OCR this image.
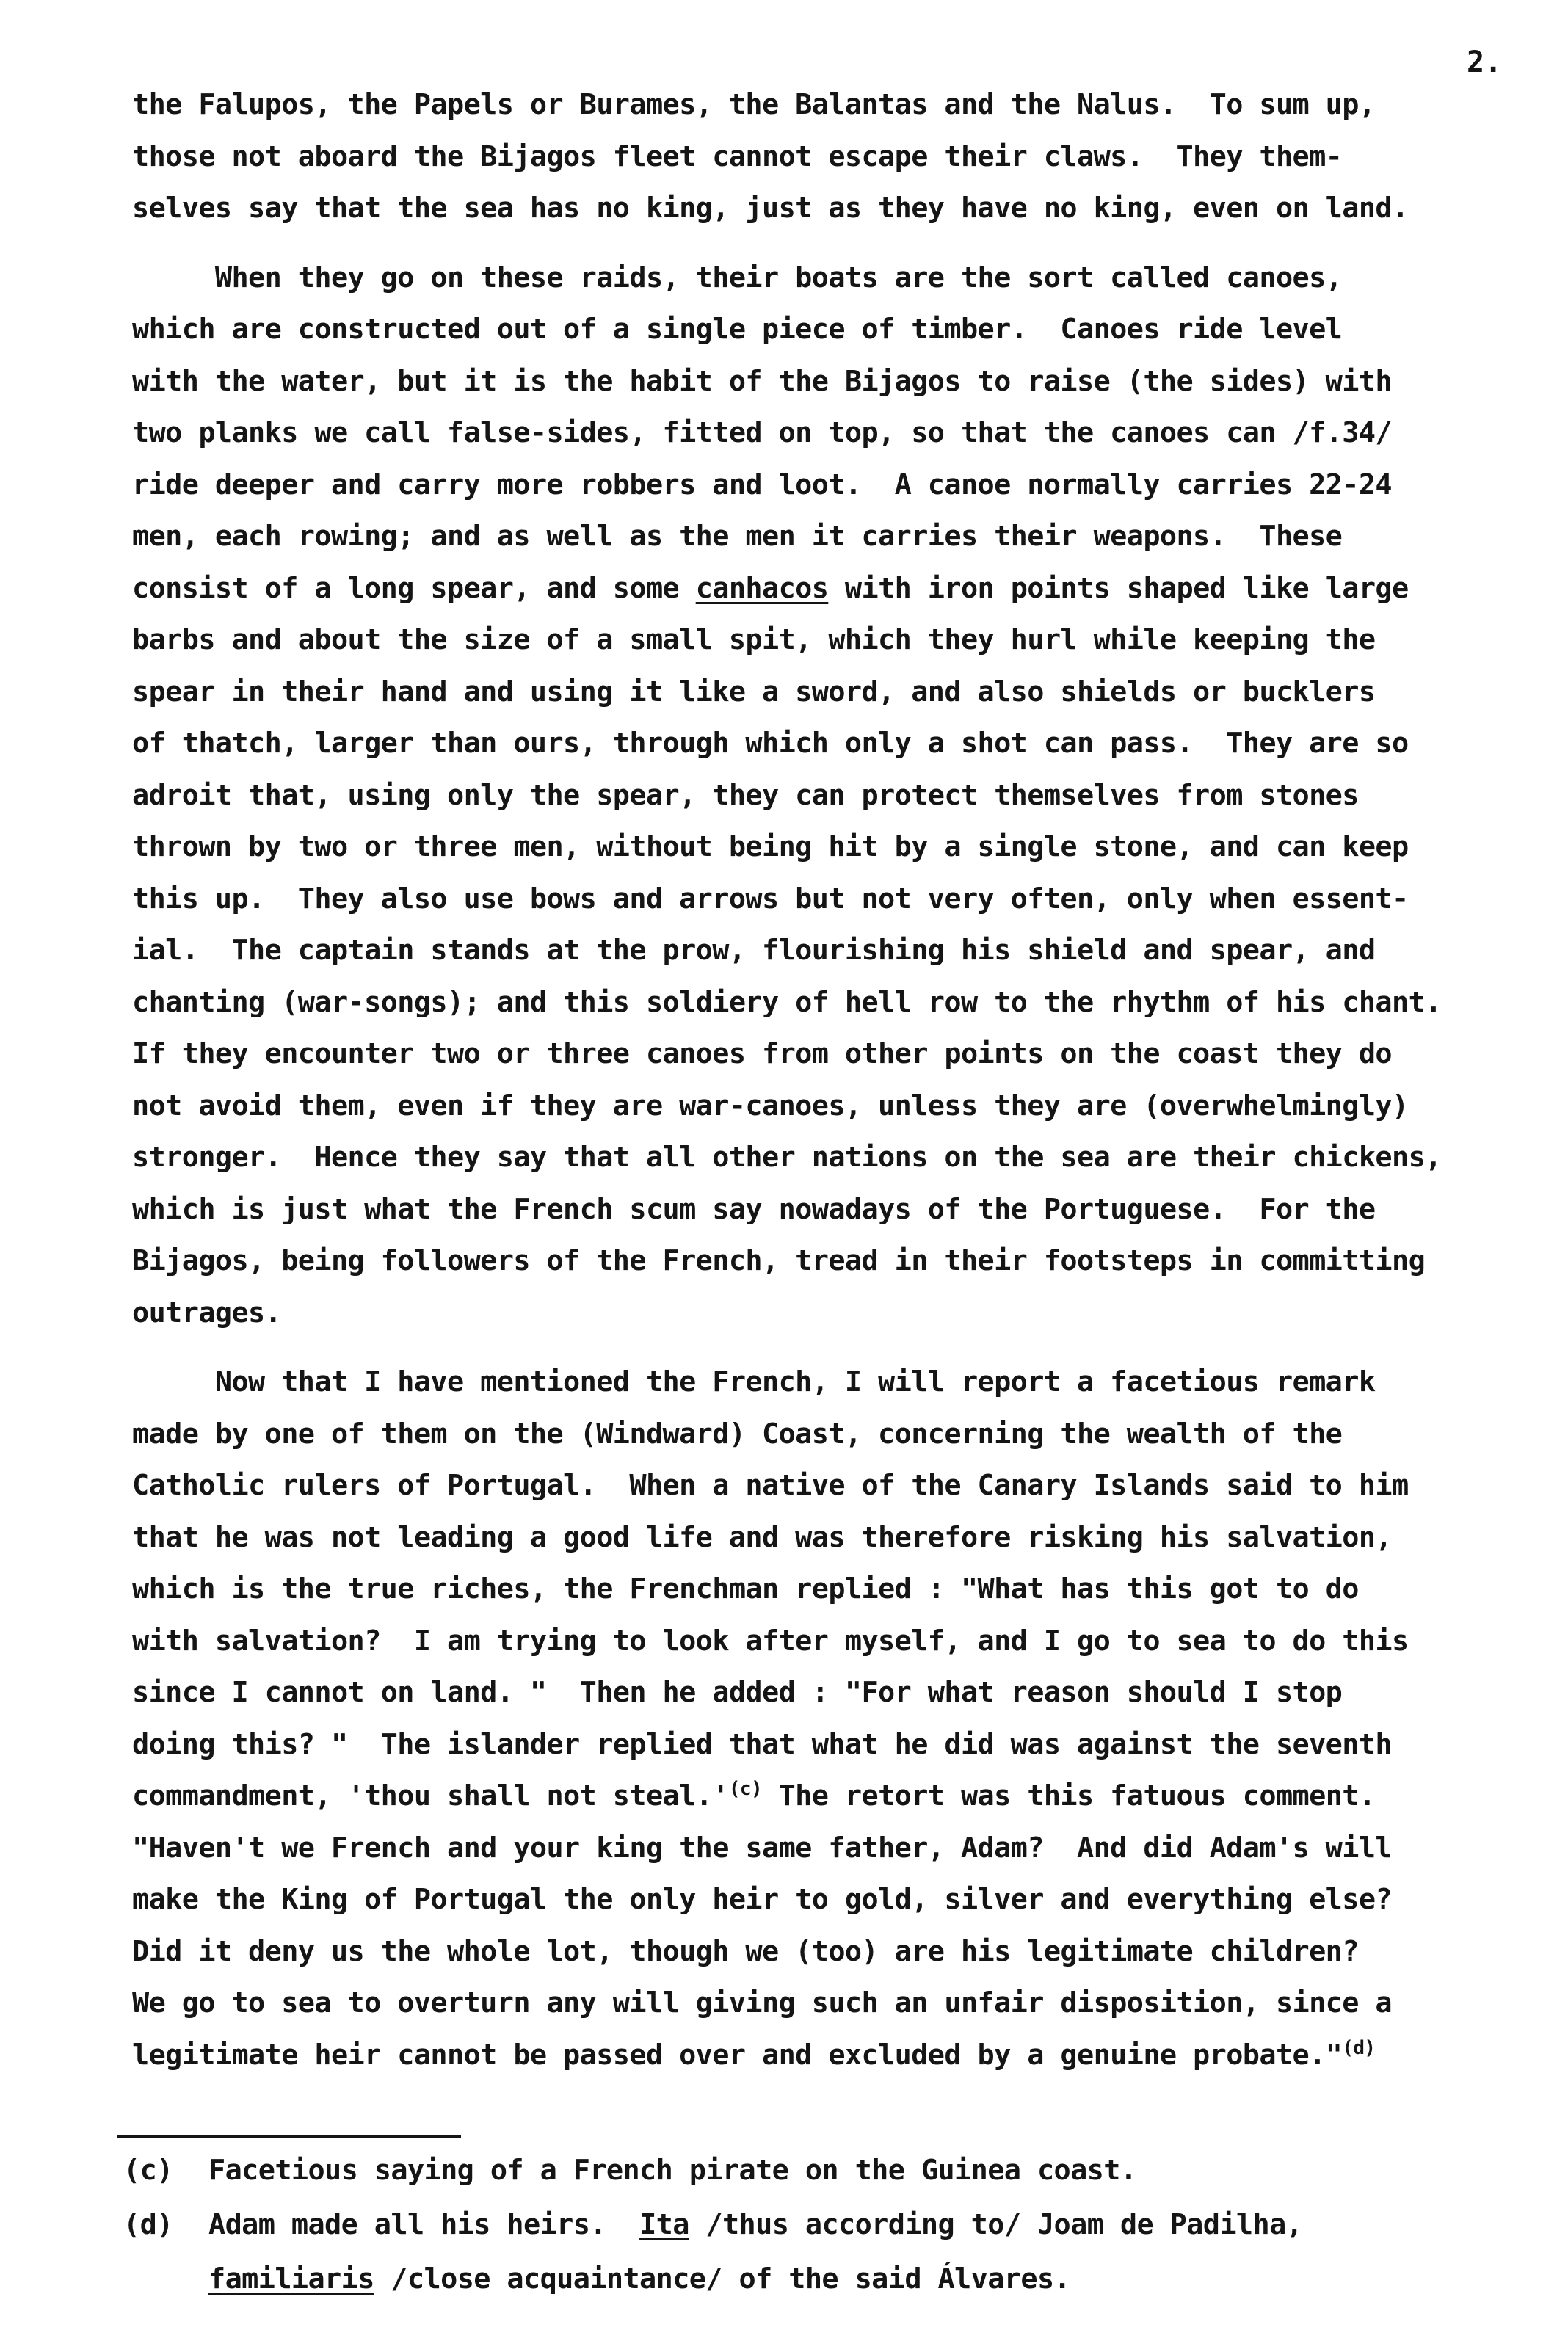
2.
the Falupos, the Papels or Burames, the Balantas and the Nalus.  To sum up,
those not aboard the Bijagos fleet cannot escape their claws.  They them-
selves say that the sea has no king, just as they have no king, even on land.
When they go on these raids, their boats are the sort called canoes,
which are constructed out of a single piece of timber.  Canoes ride level
with the water, but it is the habit of the Bijagos to raise (the sides) with
two planks we call false-sides, fitted on top, so that the canoes can /f.34/
ride deeper and carry more robbers and loot.  A canoe normally carries 22-24
men, each rowing; and as well as the men it carries their weapons.  These
consist of a long spear, and some canhacos with iron points shaped like large
barbs and about the size of a small spit, which they hurl while keeping the
spear in their hand and using it like a sword, and also shields or bucklers
of thatch, larger than ours, through which only a shot can pass.  They are so
adroit that, using only the spear, they can protect themselves from stones
thrown by two or three men, without being hit by a single stone, and can keep
this up.  They also use bows and arrows but not very often, only when essent-
ial.  The captain stands at the prow, flourishing his shield and spear, and
chanting (war-songs); and this soldiery of hell row to the rhythm of his chant.
If they encounter two or three canoes from other points on the coast they do
not avoid them, even if they are war-canoes, unless they are (overwhelmingly)
stronger.  Hence they say that all other nations on the sea are their chickens,
which is just what the French scum say nowadays of the Portuguese.  For the
Bijagos, being followers of the French, tread in their footsteps in committing
outrages.
Now that I have mentioned the French, I will report a facetious remark
made by one of them on the (Windward) Coast, concerning the wealth of the
Catholic rulers of Portugal.  When a native of the Canary Islands said to him
that he was not leading a good life and was therefore risking his salvation,
which is the true riches, the Frenchman replied : "What has this got to do
with salvation?  I am trying to look after myself, and I go to sea to do this
since I cannot on land. "  Then he added : "For what reason should I stop
doing this? "  The islander replied that what he did was against the seventh
commandment, 'thou shall not $steal.'^{(c)}$ The retort was this fatuous comment.
"Haven't we French and your king the same father, Adam?  And did Adam's will
make the King of Portugal the only heir to gold, silver and everything else?
Did it deny us the whole lot, though we (too) are his legitimate children?
We go to sea to overturn any will giving such an unfair disposition, since a
legitimate heir cannot be passed over and excluded by a genuine probate."$^{(d)}$
(c)	Facetious saying of a French pirate on the Guinea coast.
(d)	Adam made all his heirs.  Ita /thus according to/ Joam de Padilha,
familiaris /close acquaintance/ of the said Álvares.
